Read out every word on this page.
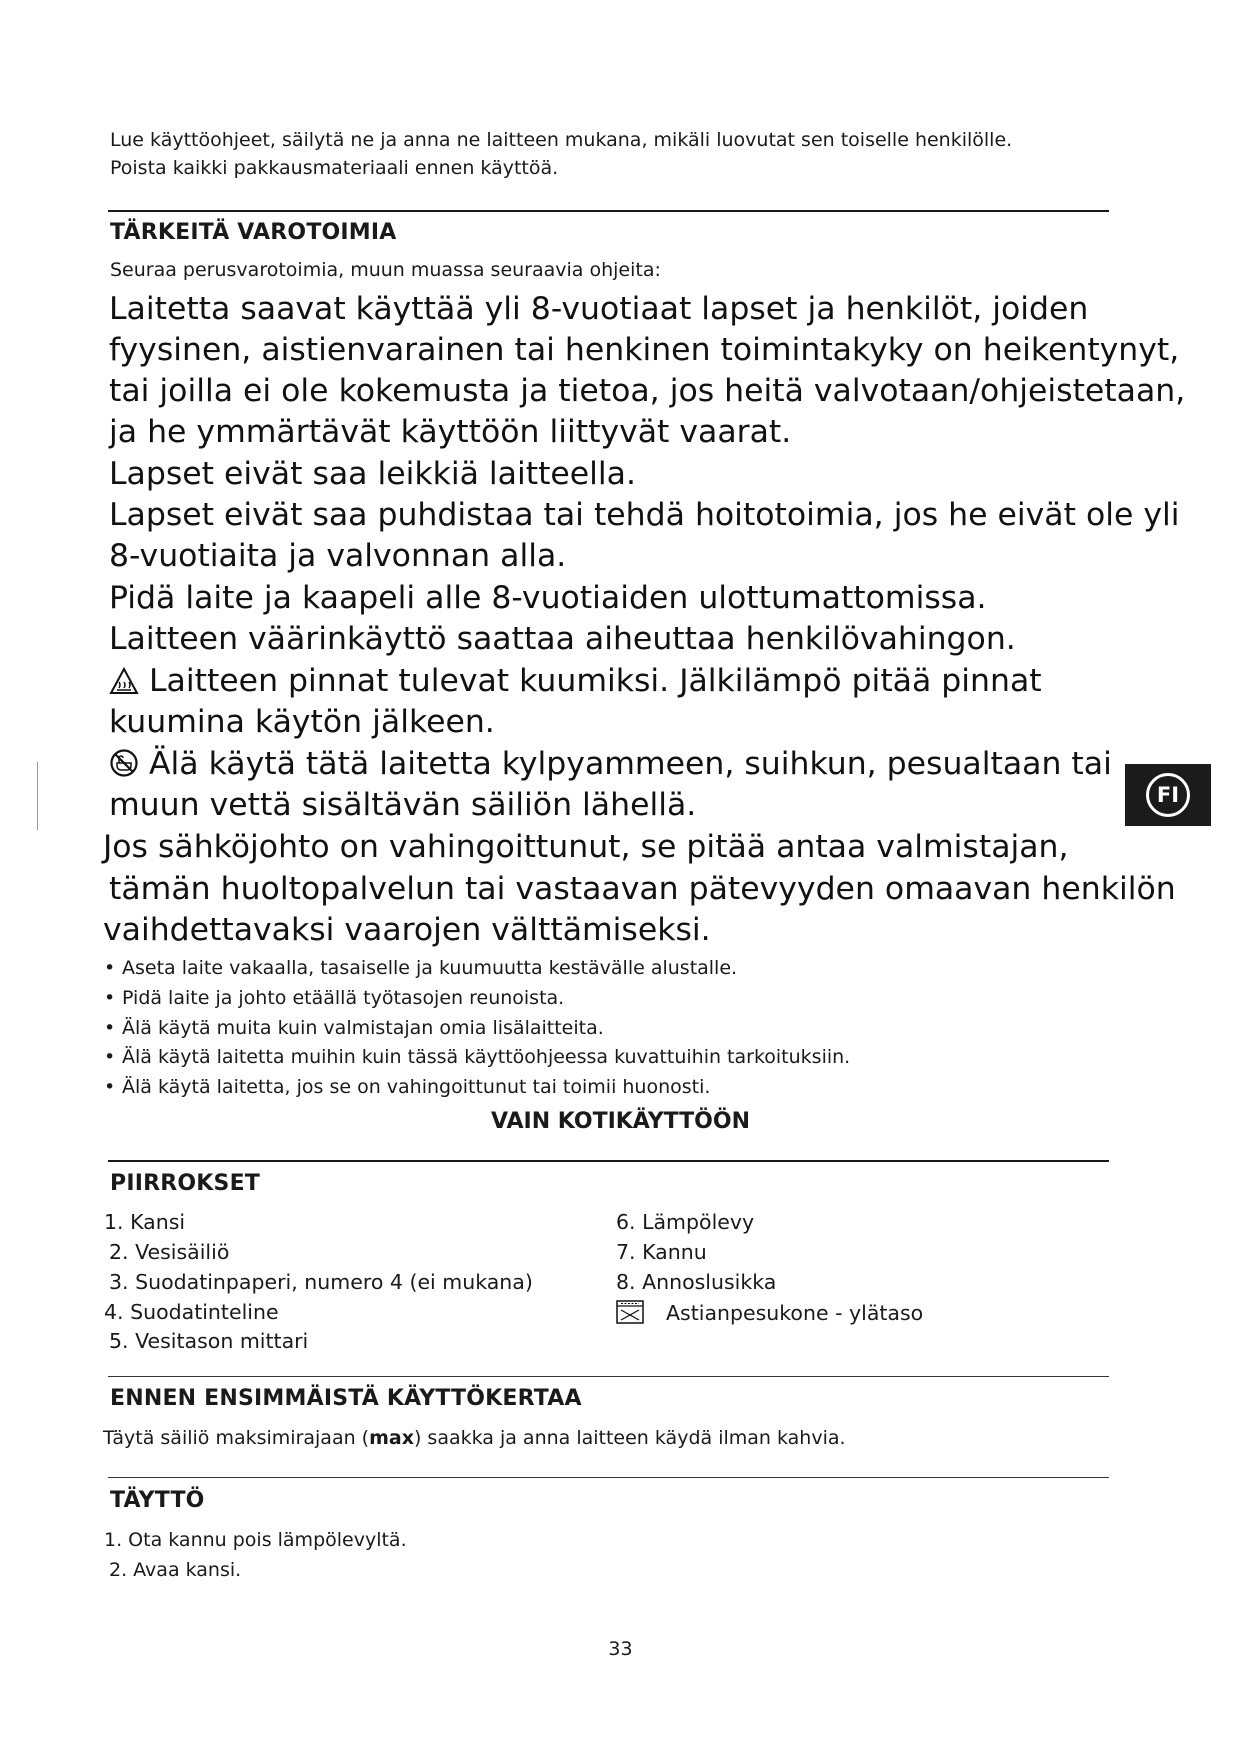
Lue käyttöohjeet, säilytä ne ja anna ne laitteen mukana, mikäli luovutat sen toiselle henkilölle.
Poista kaikki pakkausmateriaali ennen käyttöä.
TÄRKEITÄ VAROTOIMIA
Seuraa perusvarotoimia, muun muassa seuraavia ohjeita:
Laitetta saavat käyttää yli 8-vuotiaat lapset ja henkilöt, joiden
fyysinen, aistienvarainen tai henkinen toimintakyky on heikentynyt,
tai joilla ei ole kokemusta ja tietoa, jos heitä valvotaan/ohjeistetaan,
ja he ymmärtävät käyttöön liittyvät vaarat.
Lapset eivät saa leikkiä laitteella.
Lapset eivät saa puhdistaa tai tehdä hoitotoimia, jos he eivät ole yli
8-vuotiaita ja valvonnan alla.
Pidä laite ja kaapeli alle 8-vuotiaiden ulottumattomissa.
Laitteen väärinkäyttö saattaa aiheuttaa henkilövahingon.
Laitteen pinnat tulevat kuumiksi. Jälkilämpö pitää pinnat
kuumina käytön jälkeen.
Älä käytä tätä laitetta kylpyammeen, suihkun, pesualtaan tai
muun vettä sisältävän säiliön lähellä.
Jos sähköjohto on vahingoittunut, se pitää antaa valmistajan,
tämän huoltopalvelun tai vastaavan pätevyyden omaavan henkilön
vaihdettavaksi vaarojen välttämiseksi.
• Aseta laite vakaalla, tasaiselle ja kuumuutta kestävälle alustalle.
• Pidä laite ja johto etäällä työtasojen reunoista.
• Älä käytä muita kuin valmistajan omia lisälaitteita.
• Älä käytä laitetta muihin kuin tässä käyttöohjeessa kuvattuihin tarkoituksiin.
• Älä käytä laitetta, jos se on vahingoittunut tai toimii huonosti.
VAIN KOTIKÄYTTÖÖN
PIIRROKSET
1. Kansi
2. Vesisäiliö
3. Suodatinpaperi, numero 4 (ei mukana)
4. Suodatinteline
5. Vesitason mittari
6. Lämpölevy
7. Kannu
8. Annoslusikka
Astianpesukone - ylätaso
ENNEN ENSIMMÄISTÄ KÄYTTÖKERTAA
Täytä säiliö maksimirajaan (max) saakka ja anna laitteen käydä ilman kahvia.
TÄYTTÖ
1. Ota kannu pois lämpölevyltä.
2. Avaa kansi.
33
FI
